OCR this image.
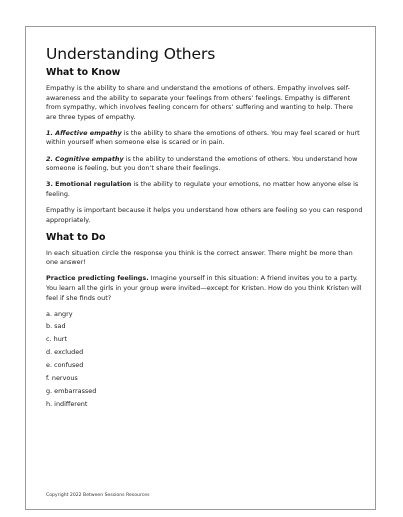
Understanding Others
What to Know

Empathy is the ability to share and understand the emotions of others. Empathy involves self-awareness and the ability to separate your feelings from others’ feelings. Empathy is different from sympathy, which involves feeling concern for others’ suffering and wanting to help. There are three types of empathy.

1. Affective empathy is the ability to share the emotions of others. You may feel scared or hurt within yourself when someone else is scared or in pain.

2. Cognitive empathy is the ability to understand the emotions of others. You understand how someone is feeling, but you don’t share their feelings.

3. Emotional regulation is the ability to regulate your emotions, no matter how anyone else is feeling.

Empathy is important because it helps you understand how others are feeling so you can respond appropriately.

What to Do

In each situation circle the response you think is the correct answer. There might be more than one answer!

Practice predicting feelings. Imagine yourself in this situation: A friend invites you to a party. You learn all the girls in your group were invited—except for Kristen. How do you think Kristen will feel if she finds out?

a. angry
b. sad
c. hurt
d. excluded
e. confused
f. nervous
g. embarrassed
h. indifferent
Copyright 2022 Between Sessions Resources
